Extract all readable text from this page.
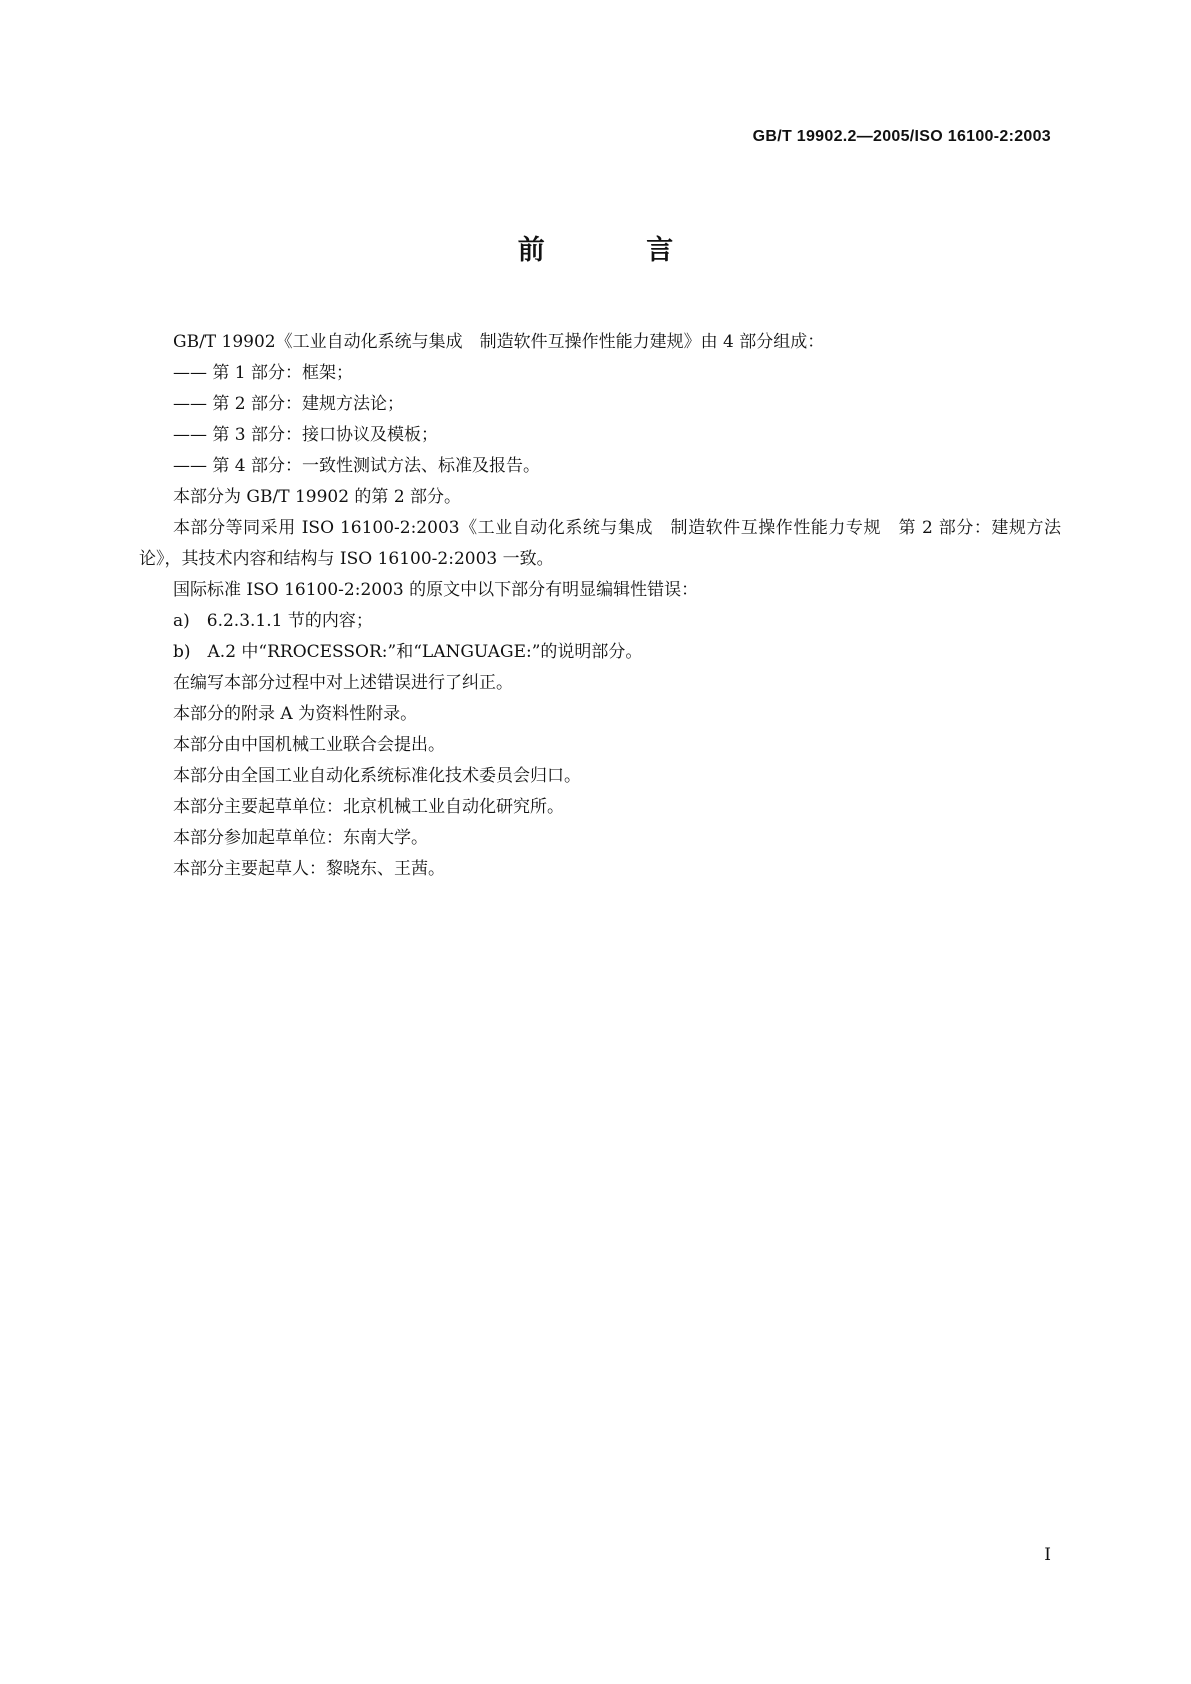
GB/T 19902.2—2005/ISO 16100-2:2003
前 言

GB/T 19902《工业自动化系统与集成　制造软件互操作性能力建规》由 4 部分组成：

—— 第 1 部分：框架；

—— 第 2 部分：建规方法论；

—— 第 3 部分：接口协议及模板；

—— 第 4 部分：一致性测试方法、标准及报告。

本部分为 GB/T 19902 的第 2 部分。

本部分等同采用 ISO 16100-2:2003《工业自动化系统与集成　制造软件互操作性能力专规　第 2 部分：建规方法论》，其技术内容和结构与 ISO 16100-2:2003 一致。

国际标准 ISO 16100-2:2003 的原文中以下部分有明显编辑性错误：

a)　6.2.3.1.1 节的内容；

b)　A.2 中“RROCESSOR:”和“LANGUAGE:”的说明部分。

在编写本部分过程中对上述错误进行了纠正。

本部分的附录 A 为资料性附录。

本部分由中国机械工业联合会提出。

本部分由全国工业自动化系统标准化技术委员会归口。

本部分主要起草单位：北京机械工业自动化研究所。

本部分参加起草单位：东南大学。

本部分主要起草人：黎晓东、王茜。

I
